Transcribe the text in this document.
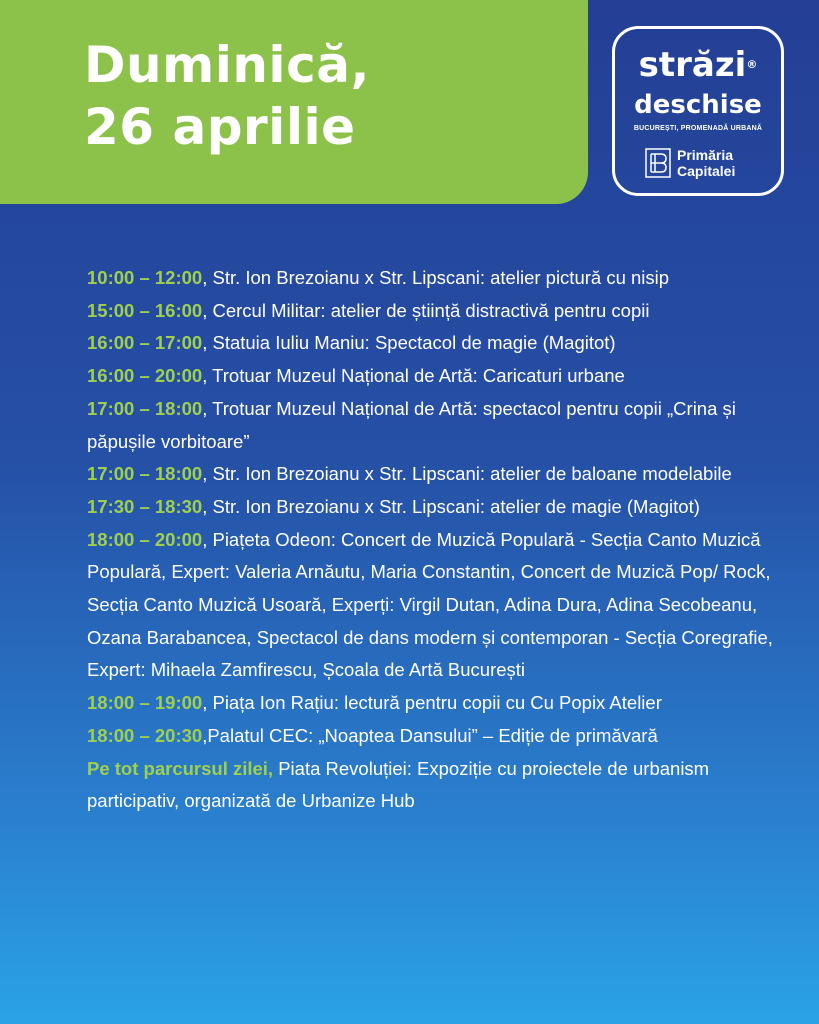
Duminică,
26 aprilie
străzi®
deschise
BUCUREȘTI, PROMENADĂ URBANĂ
Primăria
Capitalei

10:00 – 12:00, Str. Ion Brezoianu x Str. Lipscani: atelier pictură cu nisip

15:00 – 16:00, Cercul Militar: atelier de știință distractivă pentru copii

16:00 – 17:00, Statuia Iuliu Maniu: Spectacol de magie (Magitot)

16:00 – 20:00, Trotuar Muzeul Național de Artă: Caricaturi urbane

17:00 – 18:00, Trotuar Muzeul Național de Artă: spectacol pentru copii „Crina și păpușile vorbitoare”

17:00 – 18:00, Str. Ion Brezoianu x Str. Lipscani: atelier de baloane modelabile

17:30 – 18:30, Str. Ion Brezoianu x Str. Lipscani: atelier de magie (Magitot)

18:00 – 20:00, Piațeta Odeon: Concert de Muzică Populară - Secția Canto Muzică Populară, Expert: Valeria Arnăutu, Maria Constantin, Concert de Muzică Pop/ Rock, Secția Canto Muzică Usoară, Experți: Virgil Dutan, Adina Dura, Adina Secobeanu, Ozana Barabancea, Spectacol de dans modern și contemporan - Secția Coregrafie, Expert: Mihaela Zamfirescu, Școala de Artă București

18:00 – 19:00, Piața Ion Rațiu: lectură pentru copii cu Cu Popix Atelier

18:00 – 20:30,Palatul CEC: „Noaptea Dansului” – Ediție de primăvară

Pe tot parcursul zilei, Piata Revoluției: Expoziție cu proiectele de urbanism participativ, organizată de Urbanize Hub
